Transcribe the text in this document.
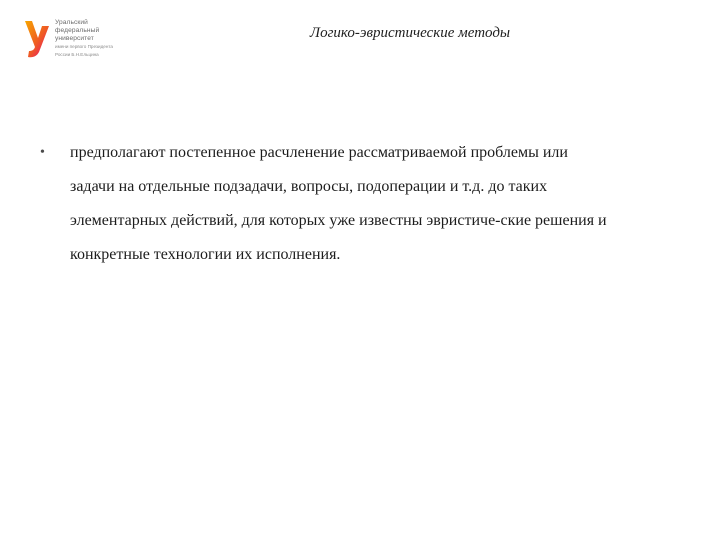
Уральский
федеральный
университет
имени первого Президента
России Б.Н.Ельцина
Логико-эвристические методы
• предполагают постепенное расчленение рассматриваемой проблемы или
задачи на отдельные подзадачи, вопросы, подоперации и т.д. до таких
элементарных действий, для которых уже известны эвристиче-ские решения и
конкретные технологии их исполнения.
